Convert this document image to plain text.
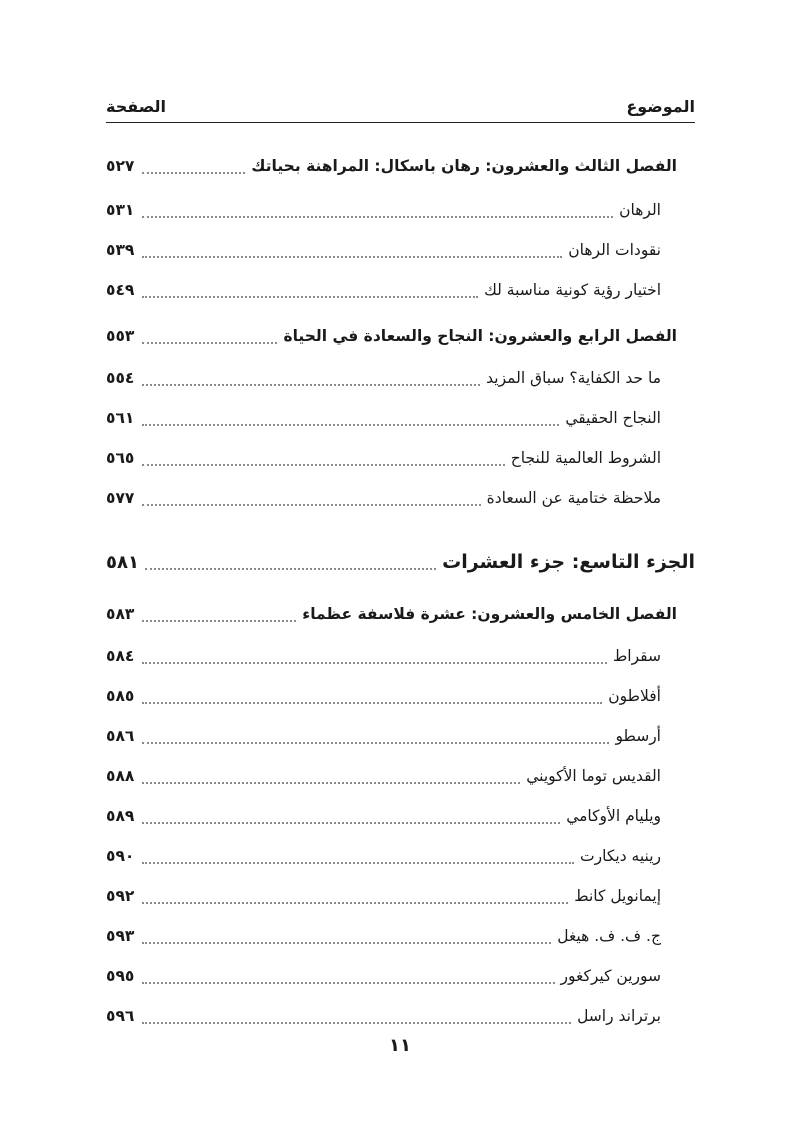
الموضوع
الصفحة
الفصل الثالث والعشرون: رهان باسكال: المراهنة بحياتك
٥٢٧
الرهان
٥٣١
نقودات الرهان
٥٣٩
اختيار رؤية كونية مناسبة لك
٥٤٩
الفصل الرابع والعشرون: النجاح والسعادة في الحياة
٥٥٣
ما حد الكفاية؟ سباق المزيد
٥٥٤
النجاح الحقيقي
٥٦١
الشروط العالمية للنجاح
٥٦٥
ملاحظة ختامية عن السعادة
٥٧٧
الجزء التاسع: جزء العشرات
٥٨١
الفصل الخامس والعشرون: عشرة فلاسفة عظماء
٥٨٣
سقراط
٥٨٤
أفلاطون
٥٨٥
أرسطو
٥٨٦
القديس توما الأكويني
٥٨٨
ويليام الأوكامي
٥٨٩
رينيه ديكارت
٥٩٠
إيمانويل كانط
٥٩٢
ج. ف. ف. هيغل
٥٩٣
سورين كيركغور
٥٩٥
برتراند راسل
٥٩٦
١١
